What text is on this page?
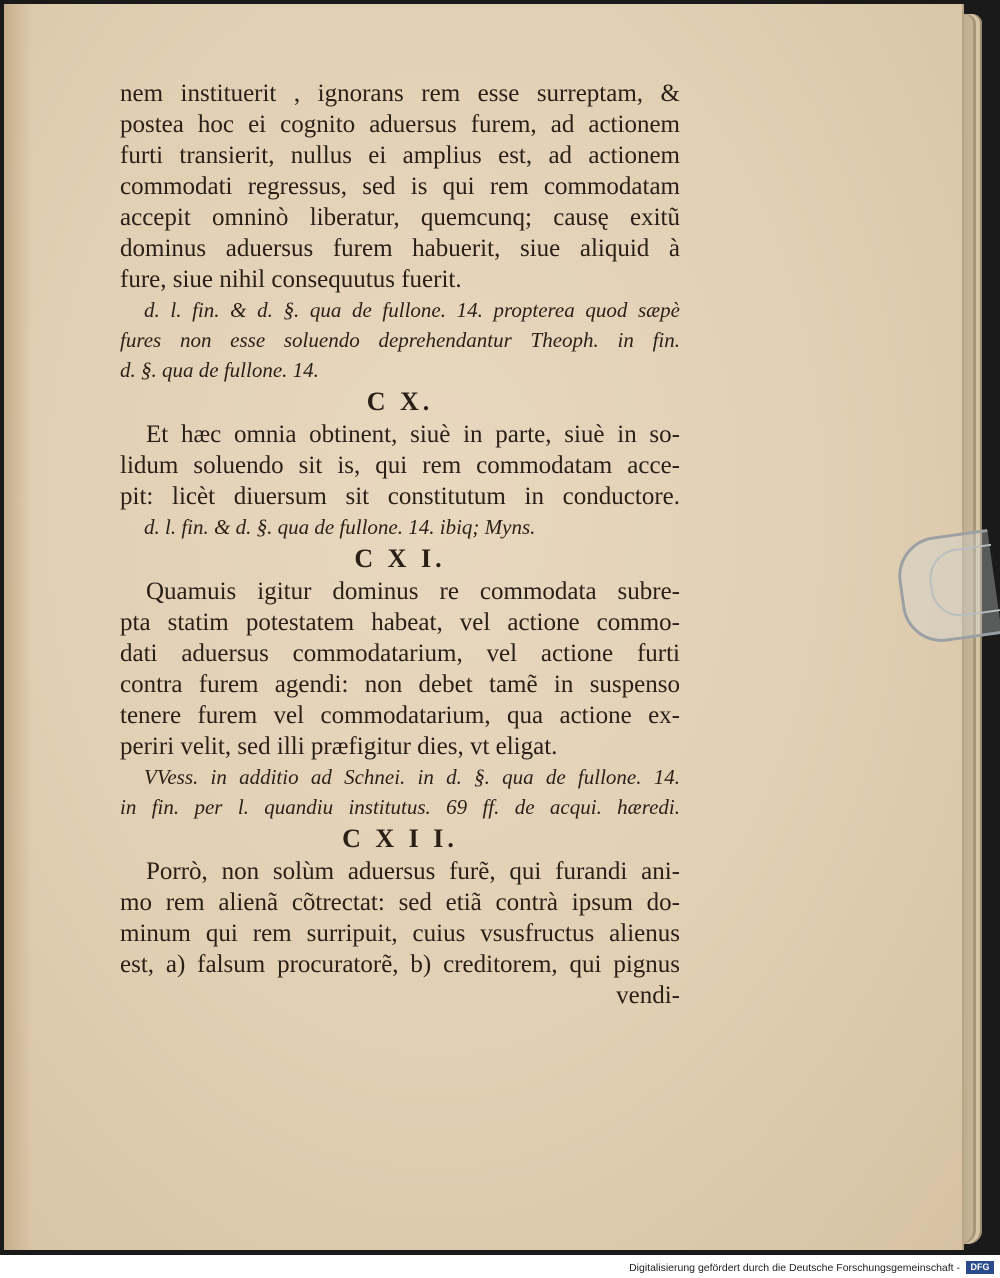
nem instituerit , ignorans rem esse surreptam, &
postea hoc ei cognito aduersus furem, ad actionem
furti transierit, nullus ei amplius est, ad actionem
commodati regressus, sed is qui rem commodatam
accepit omninò liberatur, quemcunq; causę exitũ
dominus aduersus furem habuerit, siue aliquid à
fure, siue nihil consequutus fuerit.
d. l. fin. & d. §. qua de fullone. 14. propterea quod sæpè
fures non esse soluendo deprehendantur Theoph. in fin.
d. §. qua de fullone. 14.
C X.
Et hæc omnia obtinent, siuè in parte, siuè in so-
lidum soluendo sit is, qui rem commodatam acce-
pit: licèt diuersum sit constitutum in conductore.
d. l. fin. & d. §. qua de fullone. 14. ibiq; Myns.
C X I.
Quamuis igitur dominus re commodata subre-
pta statim potestatem habeat, vel actione commo-
dati aduersus commodatarium, vel actione furti
contra furem agendi: non debet tamẽ in suspenso
tenere furem vel commodatarium, qua actione ex-
periri velit, sed illi præfigitur dies, vt eligat.
VVess. in additio ad Schnei. in d. §. qua de fullone. 14.
in fin. per l. quandiu institutus. 69 ff. de acqui. hæredi.
C X I I.
Porrò, non solùm aduersus furẽ, qui furandi ani-
mo rem alienã cõtrectat: sed etiã contrà ipsum do-
minum qui rem surripuit, cuius vsusfructus alienus
est, a) falsum procuratorẽ, b) creditorem, qui pignus
vendi-
Digitalisierung gefördert durch die Deutsche Forschungsgemeinschaft -	DFG
